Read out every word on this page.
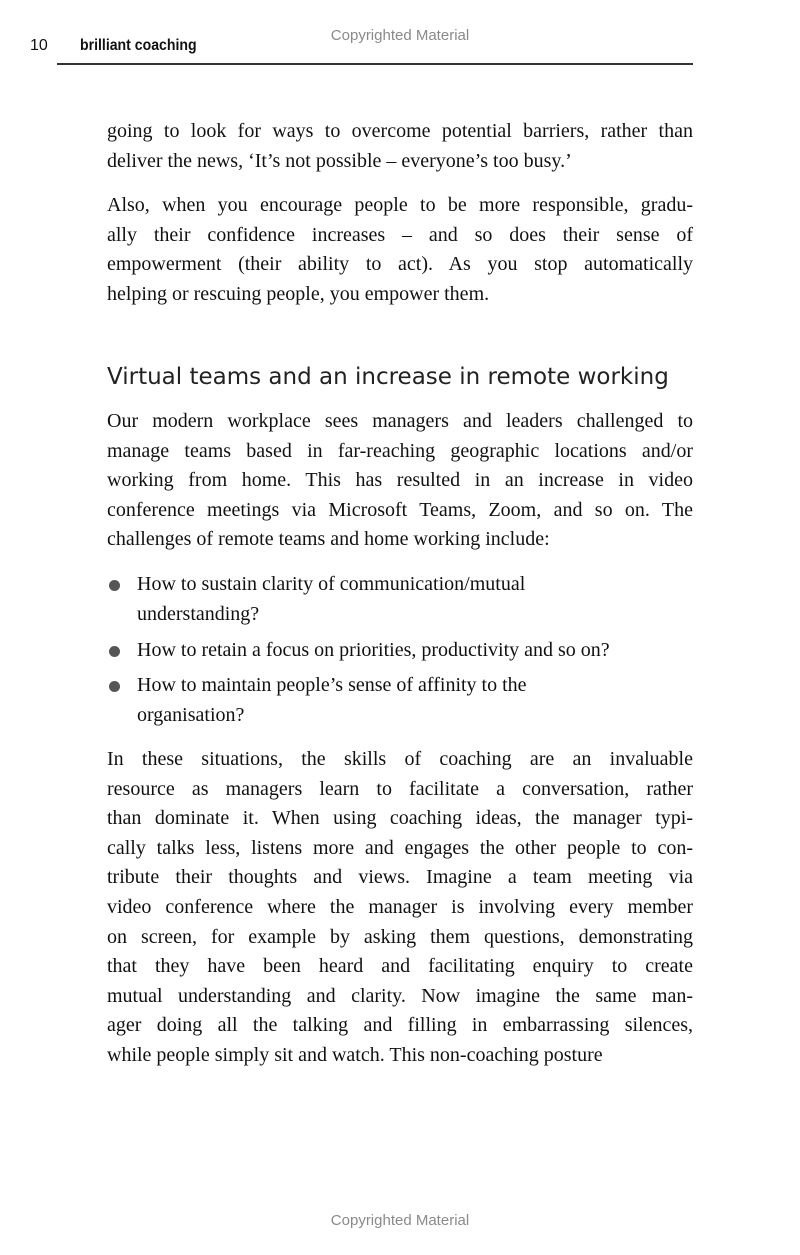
Copyrighted Material
10 brilliant coaching
going to look for ways to overcome potential barriers, rather than
deliver the news, ‘It’s not possible – everyone’s too busy.’
Also, when you encourage people to be more responsible, gradu-
ally their confidence increases – and so does their sense of
empowerment (their ability to act). As you stop automatically
helping or rescuing people, you empower them.
Virtual teams and an increase in remote working
Our modern workplace sees managers and leaders challenged to
manage teams based in far-reaching geographic locations and/or
working from home. This has resulted in an increase in video
conference meetings via Microsoft Teams, Zoom, and so on. The
challenges of remote teams and home working include:
How to sustain clarity of communication/mutual
understanding?
How to retain a focus on priorities, productivity and so on?
How to maintain people’s sense of affinity to the
organisation?
In these situations, the skills of coaching are an invaluable
resource as managers learn to facilitate a conversation, rather
than dominate it. When using coaching ideas, the manager typi-
cally talks less, listens more and engages the other people to con-
tribute their thoughts and views. Imagine a team meeting via
video conference where the manager is involving every member
on screen, for example by asking them questions, demonstrating
that they have been heard and facilitating enquiry to create
mutual understanding and clarity. Now imagine the same man-
ager doing all the talking and filling in embarrassing silences,
while people simply sit and watch. This non-coaching posture
Copyrighted Material
